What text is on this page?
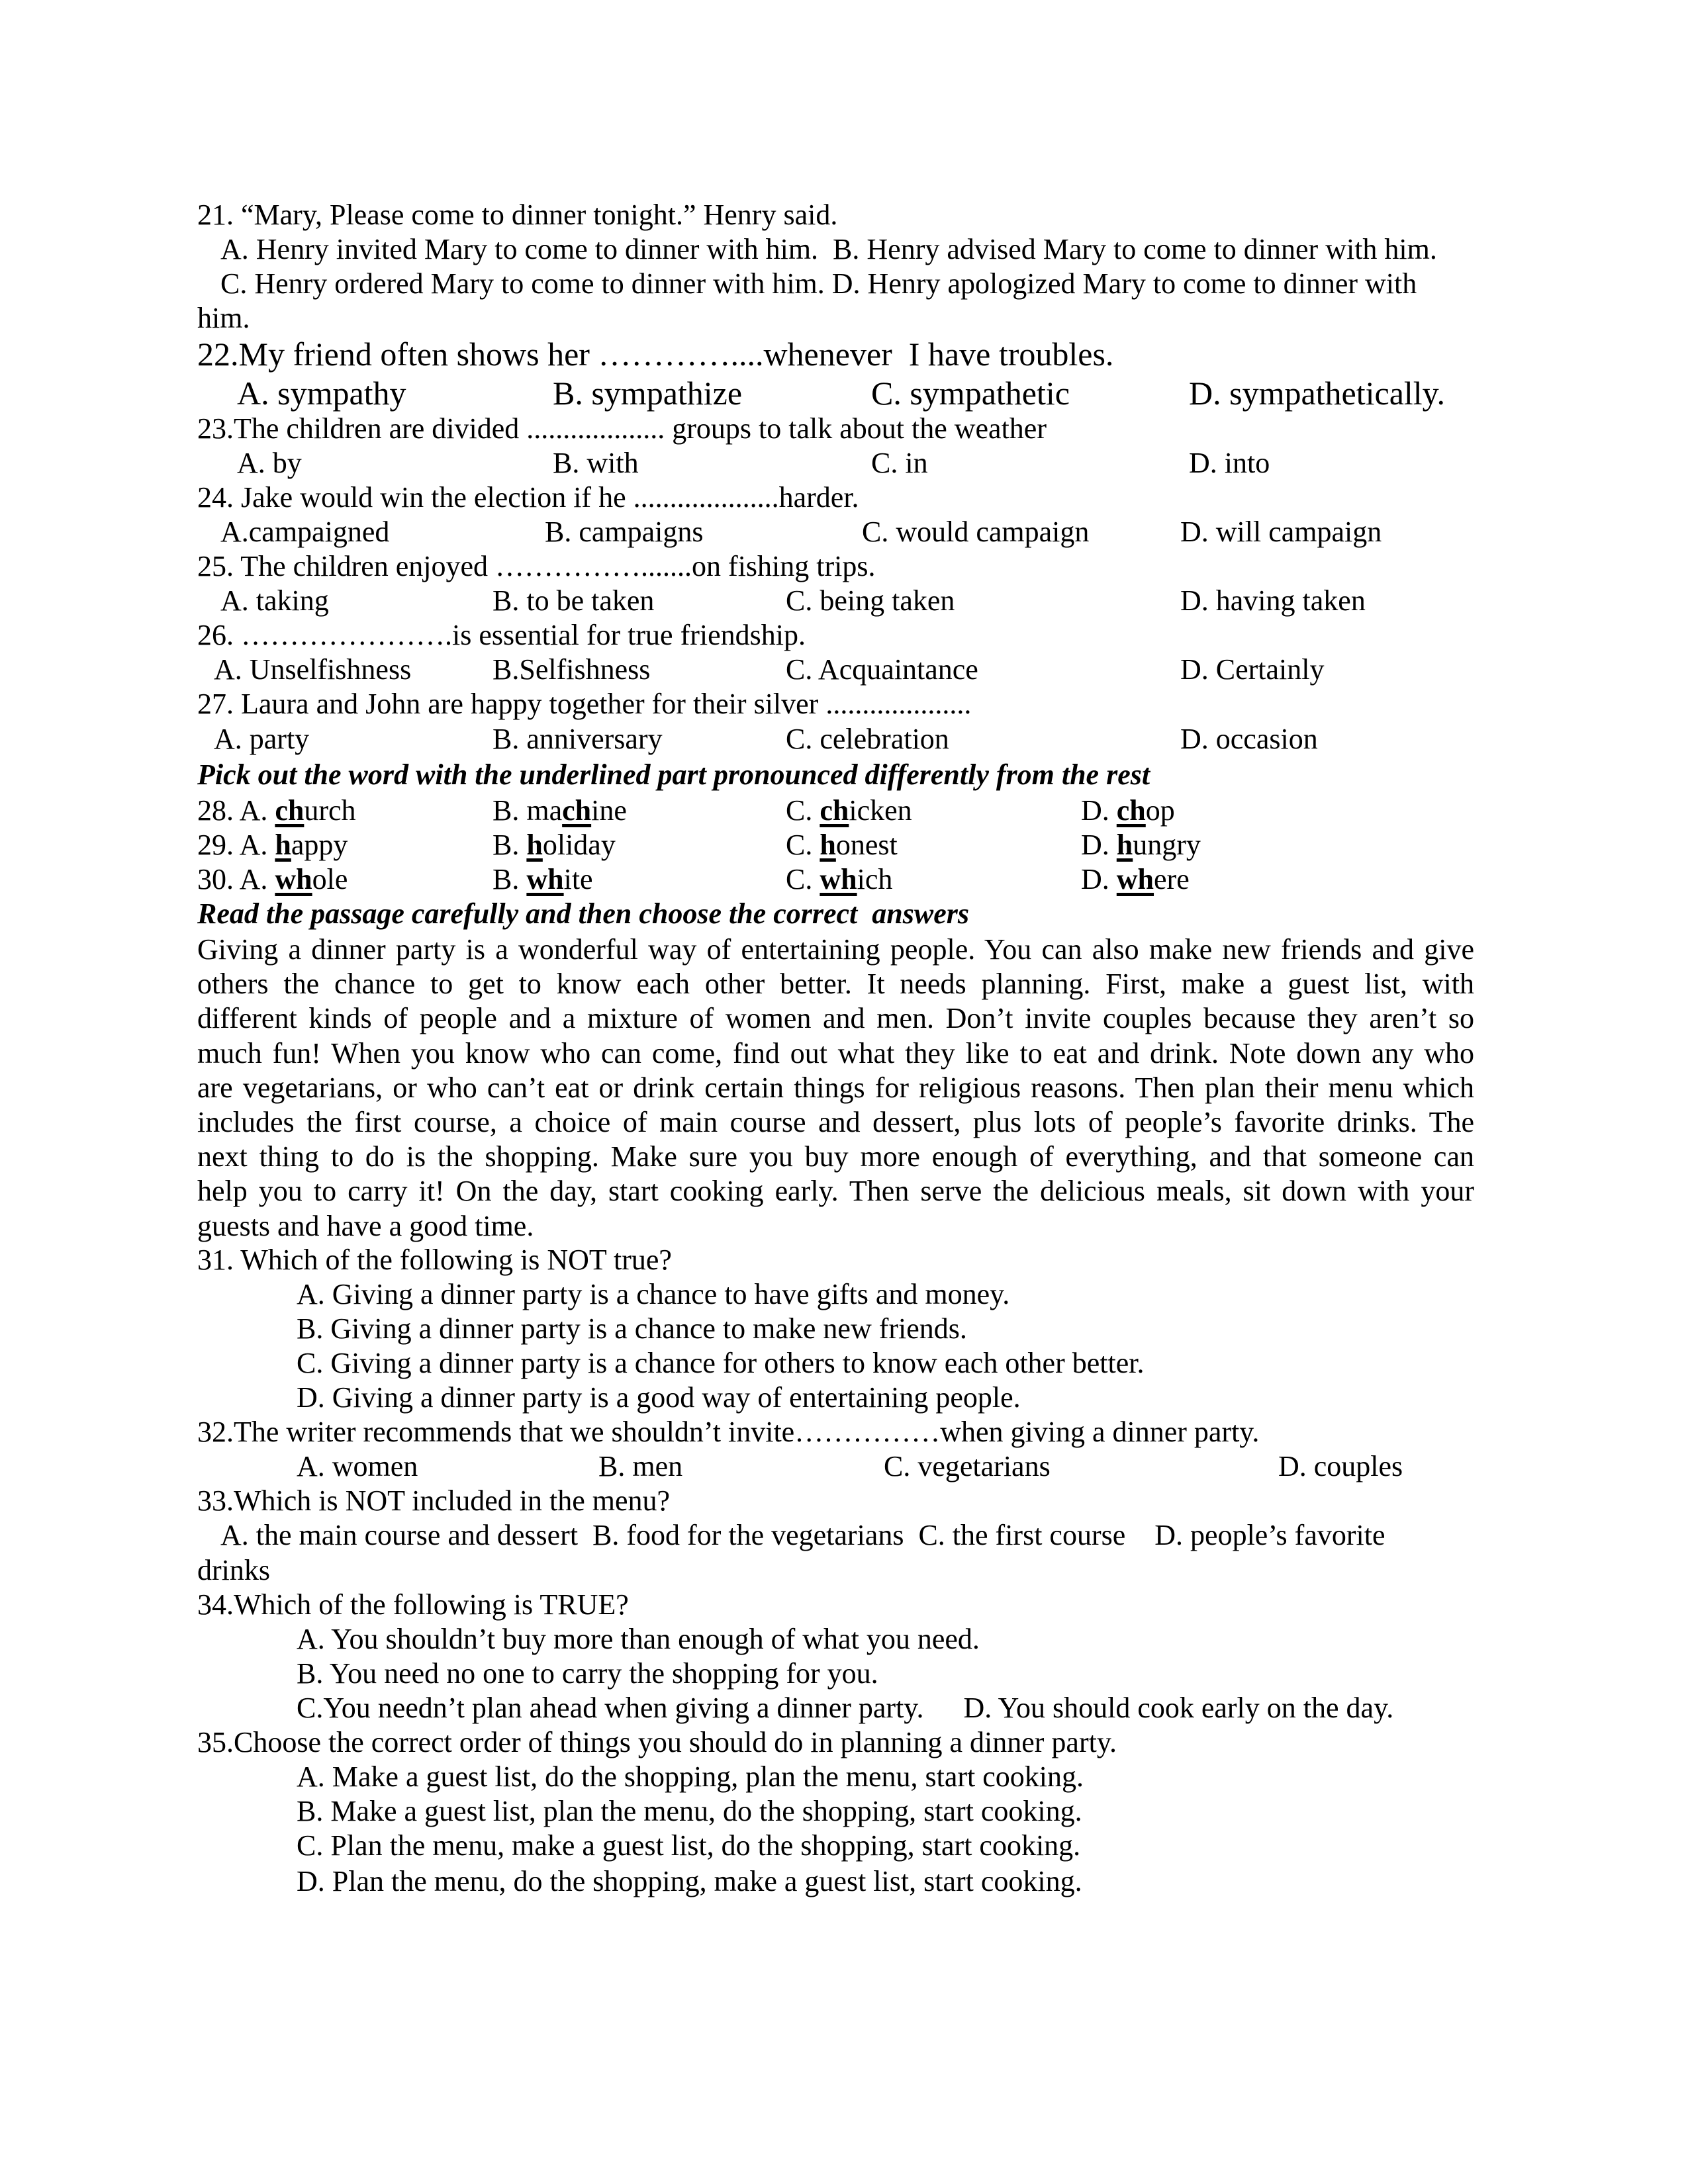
21. “Mary, Please come to dinner tonight.” Henry said.
A. Henry invited Mary to come to dinner with him.  B. Henry advised Mary to come to dinner with him.
C. Henry ordered Mary to come to dinner with him. D. Henry apologized Mary to come to dinner with
him.
22.My friend often shows her …………....whenever  I have troubles.
A. sympathy	B. sympathize	C. sympathetic	D. sympathetically.
23.The children are divided ................... groups to talk about the weather
A. by	B. with	C. in	D. into
24. Jake would win the election if he ....................harder.
A.campaigned	B. campaigns	C. would campaign	D. will campaign
25. The children enjoyed …………….......on fishing trips.
A. taking	B. to be taken	C. being taken	D. having taken
26. ………………….is essential for true friendship.
A. Unselfishness	B.Selfishness	C. Acquaintance	D. Certainly
27. Laura and John are happy together for their silver ....................
A. party	B. anniversary	C. celebration	D. occasion
Pick out the word with the underlined part pronounced differently from the rest
28. A. church	B. machine	C. chicken	D. chop
29. A. happy	B. holiday	C. honest	D. hungry
30. A. whole	B. white	C. which	D. where
Read the passage carefully and then choose the correct  answers
Giving a dinner party is a wonderful way of entertaining people. You can also make new friends and give
others the chance to get to know each other better. It needs planning. First, make a guest list, with
different kinds of people and a mixture of women and men. Don’t invite couples because they aren’t so
much fun! When you know who can come, find out what they like to eat and drink. Note down any who
are vegetarians, or who can’t eat or drink certain things for religious reasons. Then plan their menu which
includes the first course, a choice of main course and dessert, plus lots of people’s favorite drinks. The
next thing to do is the shopping. Make sure you buy more enough of everything, and that someone can
help you to carry it! On the day, start cooking early. Then serve the delicious meals, sit down with your
guests and have a good time.
31. Which of the following is NOT true?
A. Giving a dinner party is a chance to have gifts and money.
B. Giving a dinner party is a chance to make new friends.
C. Giving a dinner party is a chance for others to know each other better.
D. Giving a dinner party is a good way of entertaining people.
32.The writer recommends that we shouldn’t invite……………when giving a dinner party.
A. women	B. men	C. vegetarians	D. couples
33.Which is NOT included in the menu?
A. the main course and dessert  B. food for the vegetarians  C. the first course    D. people’s favorite
drinks
34.Which of the following is TRUE?
A. You shouldn’t buy more than enough of what you need.
B. You need no one to carry the shopping for you.
C.You needn’t plan ahead when giving a dinner party. D. You should cook early on the day.
35.Choose the correct order of things you should do in planning a dinner party.
A. Make a guest list, do the shopping, plan the menu, start cooking.
B. Make a guest list, plan the menu, do the shopping, start cooking.
C. Plan the menu, make a guest list, do the shopping, start cooking.
D. Plan the menu, do the shopping, make a guest list, start cooking.
